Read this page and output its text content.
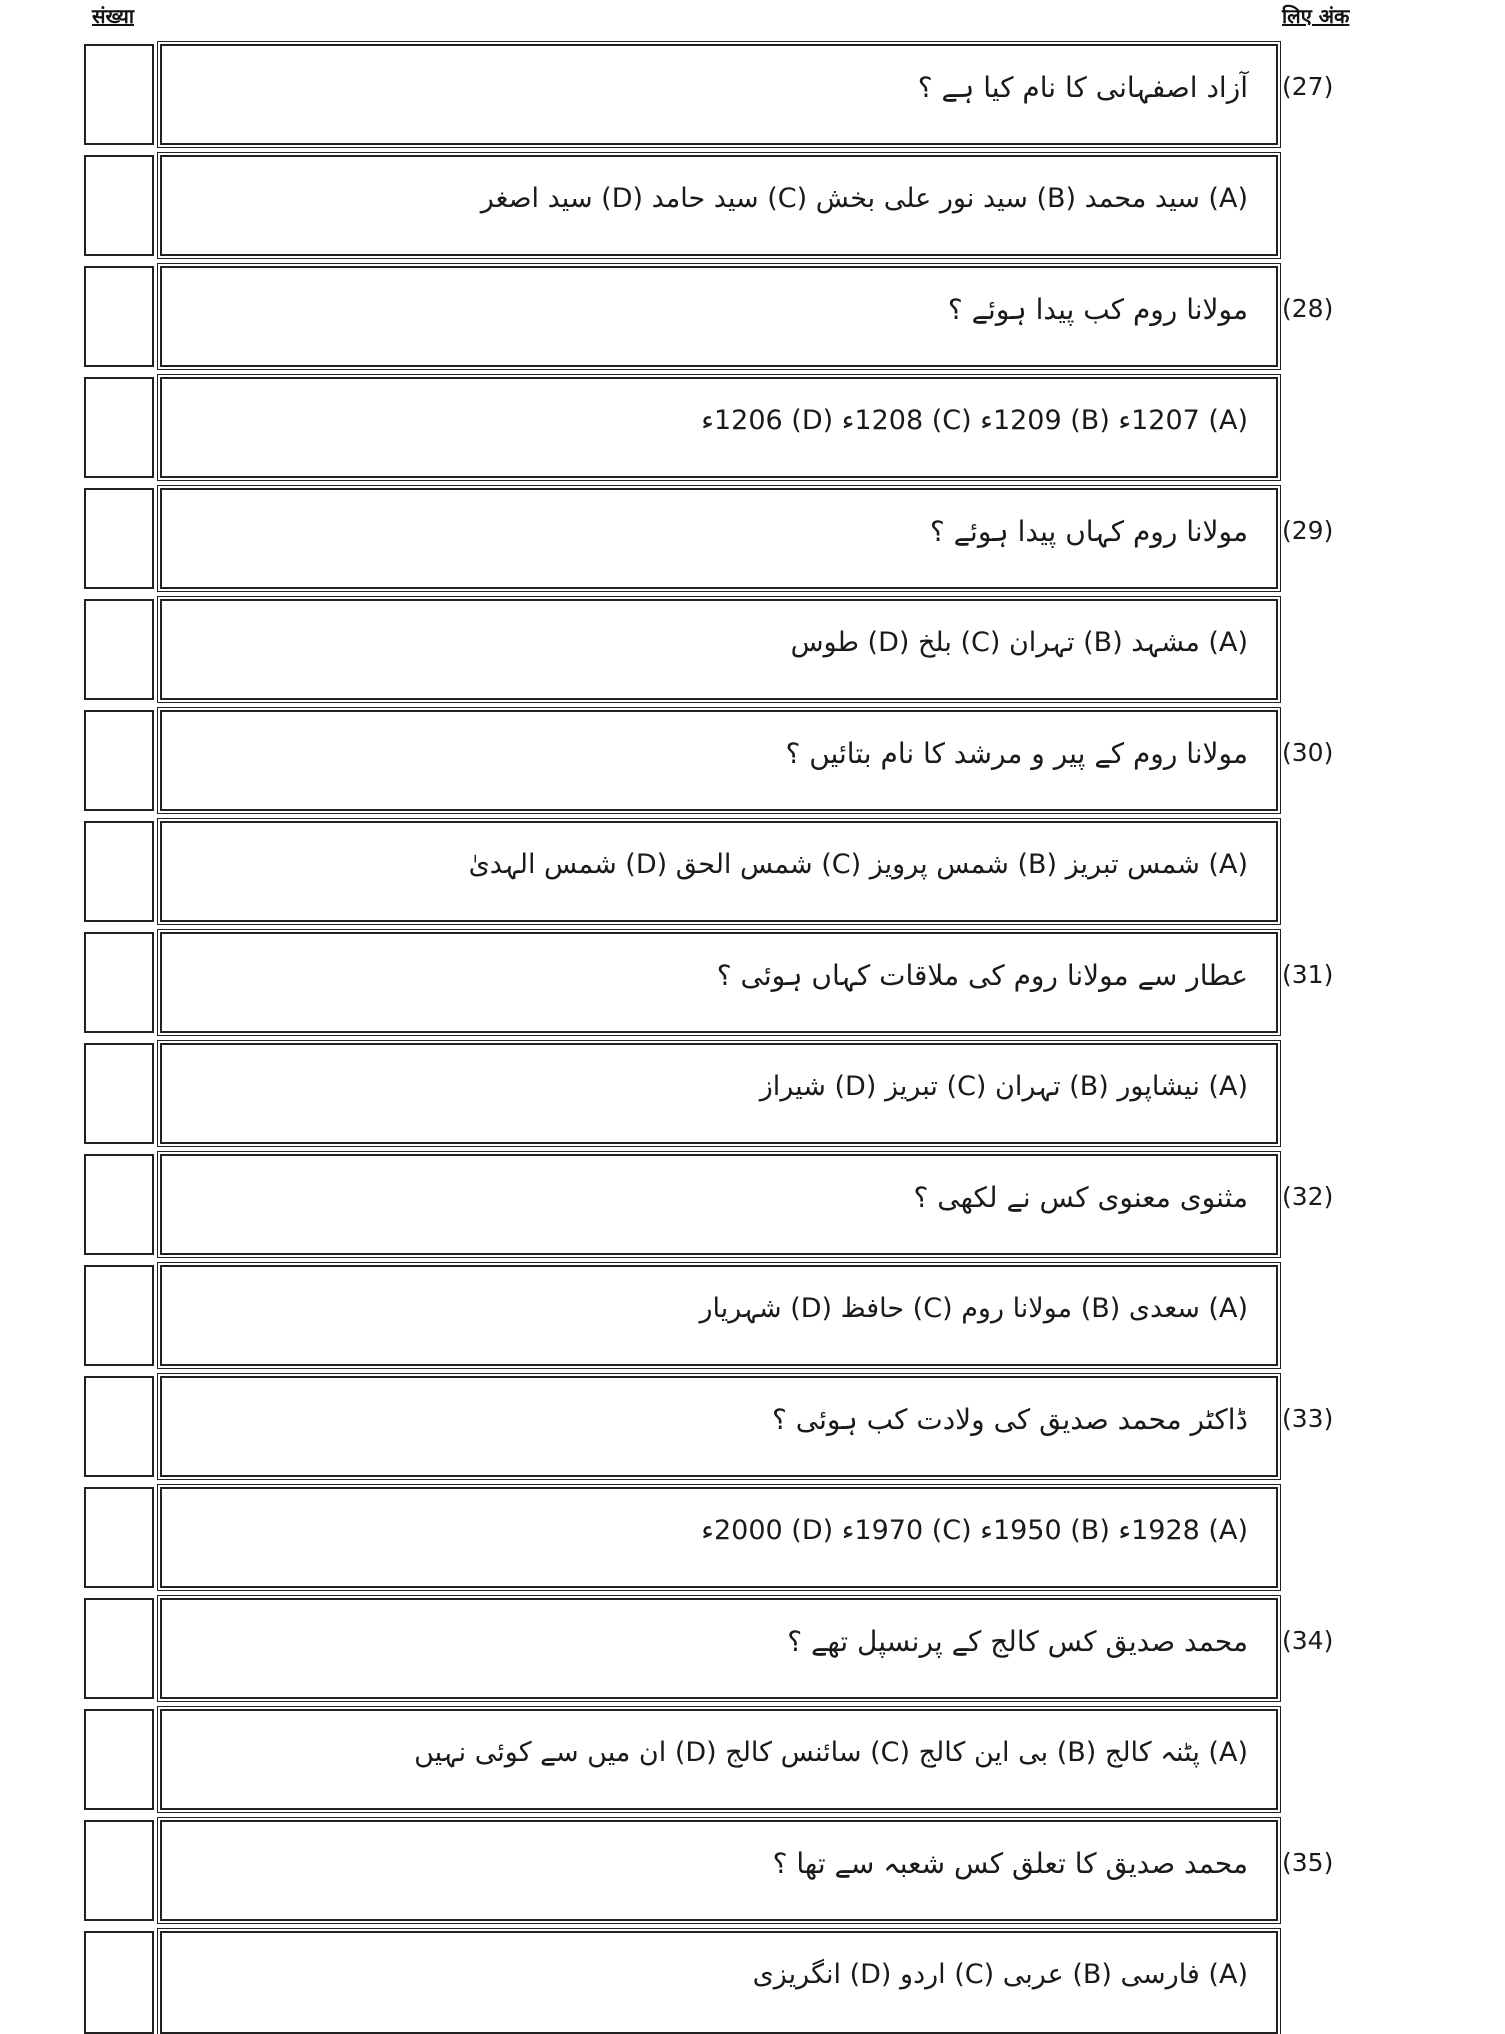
संख्या	लिए अंक
آزاد اصفہانی کا نام کیا ہے ؟ (27)
(A) سید محمد (B) سید نور علی بخش (C) سید حامد (D) سید اصغر
مولانا روم کب پیدا ہوئے ؟ (28)
(A) 1207ء (B) 1209ء (C) 1208ء (D) 1206ء
مولانا روم کہاں پیدا ہوئے ؟ (29)
(A) مشہد (B) تہران (C) بلخ (D) طوس
مولانا روم کے پیر و مرشد کا نام بتائیں ؟ (30)
(A) شمس تبریز (B) شمس پرویز (C) شمس الحق (D) شمس الہدیٰ
عطار سے مولانا روم کی ملاقات کہاں ہوئی ؟ (31)
(A) نیشاپور (B) تہران (C) تبریز (D) شیراز
مثنوی معنوی کس نے لکھی ؟ (32)
(A) سعدی (B) مولانا روم (C) حافظ (D) شہریار
ڈاکٹر محمد صدیق کی ولادت کب ہوئی ؟ (33)
(A) 1928ء (B) 1950ء (C) 1970ء (D) 2000ء
محمد صدیق کس کالج کے پرنسپل تھے ؟ (34)
(A) پٹنہ کالج (B) بی این کالج (C) سائنس کالج (D) ان میں سے کوئی نہیں
محمد صدیق کا تعلق کس شعبہ سے تھا ؟ (35)
(A) فارسی (B) عربی (C) اردو (D) انگریزی
